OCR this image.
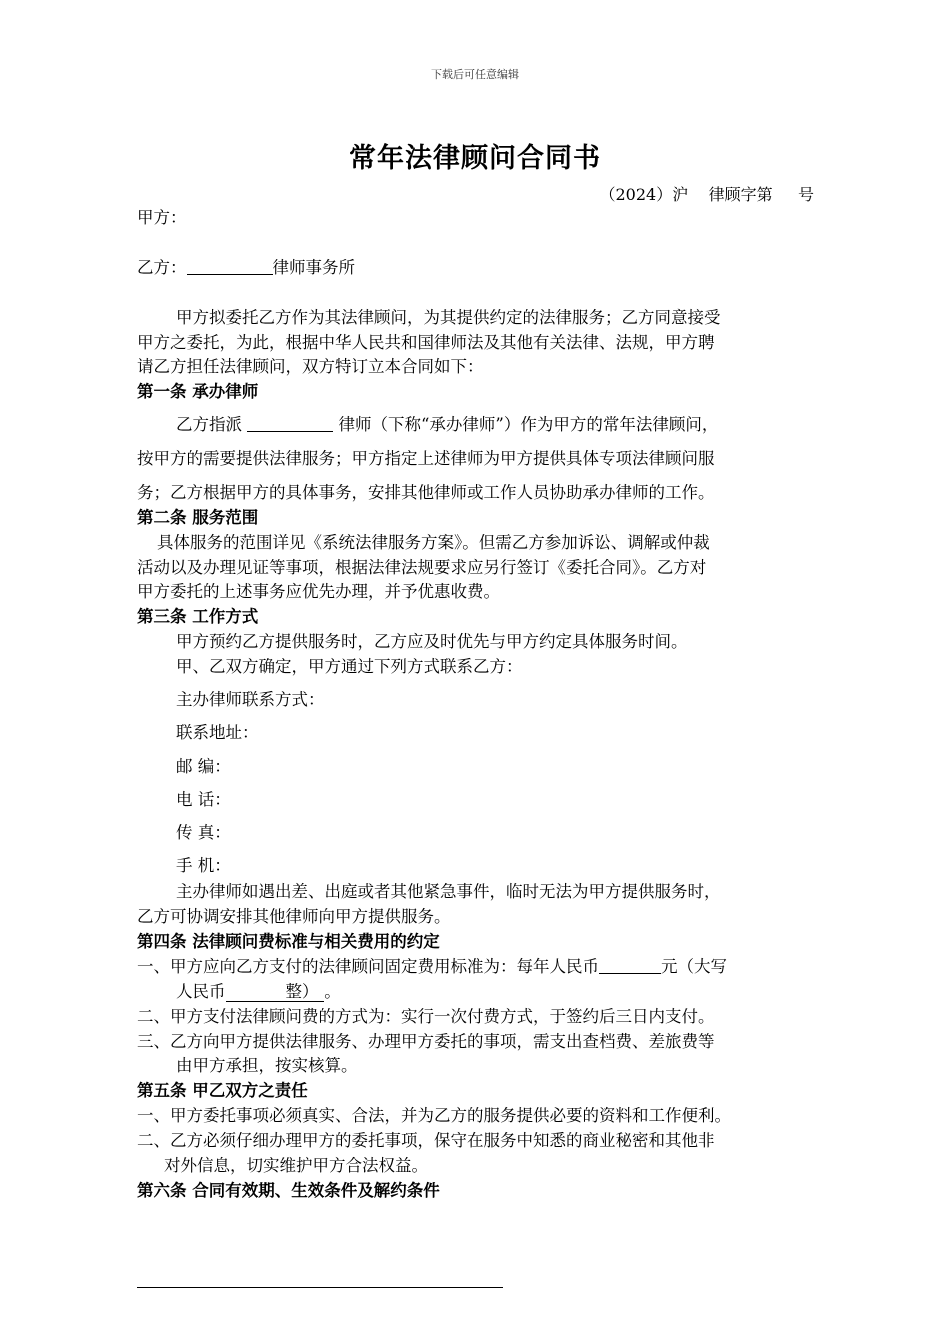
下载后可任意编辑
常年法律顾问合同书
（2024）沪    律顾字第     号
甲方：
乙方：	律师事务所
甲方拟委托乙方作为其法律顾问，为其提供约定的法律服务；乙方同意接受
甲方之委托，为此，根据中华人民共和国律师法及其他有关法律、法规，甲方聘
请乙方担任法律顾问，双方特订立本合同如下：
第一条 承办律师
乙方指派	律师（下称“承办律师”）作为甲方的常年法律顾问，
按甲方的需要提供法律服务；甲方指定上述律师为甲方提供具体专项法律顾问服
务；乙方根据甲方的具体事务，安排其他律师或工作人员协助承办律师的工作。
第二条 服务范围
具体服务的范围详见《系统法律服务方案》。但需乙方参加诉讼、调解或仲裁
活动以及办理见证等事项，根据法律法规要求应另行签订《委托合同》。乙方对
甲方委托的上述事务应优先办理，并予优惠收费。
第三条 工作方式
甲方预约乙方提供服务时，乙方应及时优先与甲方约定具体服务时间。
甲、乙双方确定，甲方通过下列方式联系乙方：
主办律师联系方式：
联系地址：
邮 编：
电 话：
传 真：
手 机：
主办律师如遇出差、出庭或者其他紧急事件，临时无法为甲方提供服务时，
乙方可协调安排其他律师向甲方提供服务。
第四条 法律顾问费标准与相关费用的约定
一、甲方应向乙方支付的法律顾问固定费用标准为：每年人民币	元（大写
人民币	整） 。
二、甲方支付法律顾问费的方式为：实行一次付费方式，于签约后三日内支付。
三、乙方向甲方提供法律服务、办理甲方委托的事项，需支出查档费、差旅费等
由甲方承担，按实核算。
第五条 甲乙双方之责任
一、甲方委托事项必须真实、合法，并为乙方的服务提供必要的资料和工作便利。
二、乙方必须仔细办理甲方的委托事项，保守在服务中知悉的商业秘密和其他非
对外信息，切实维护甲方合法权益。
第六条 合同有效期、生效条件及解约条件
